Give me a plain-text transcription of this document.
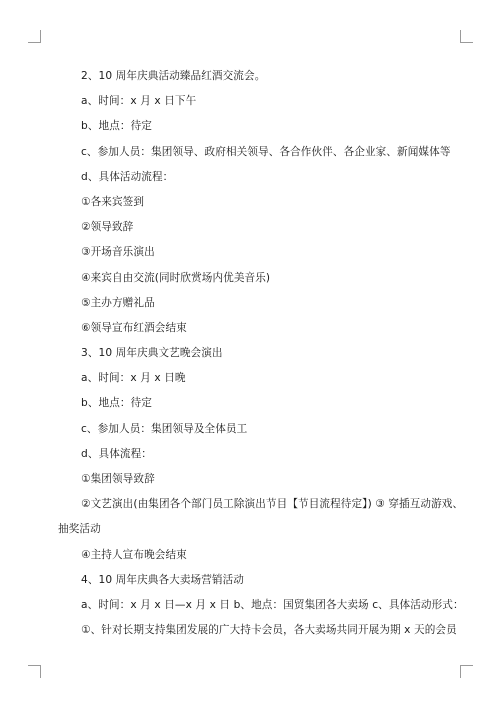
2、10 周年庆典活动臻品红酒交流会。
a、时间：x 月 x 日下午
b、地点：待定
c、参加人员：集团领导、政府相关领导、各合作伙伴、各企业家、新闻媒体等
d、具体活动流程：
①各来宾签到
②领导致辞
③开场音乐演出
④来宾自由交流(同时欣赏场内优美音乐)
⑤主办方赠礼品
⑥领导宣布红酒会结束
3、10 周年庆典文艺晚会演出
a、时间：x 月 x 日晚
b、地点：待定
c、参加人员：集团领导及全体员工
d、具体流程：
①集团领导致辞
②文艺演出(由集团各个部门员工除演出节目【节目流程待定】) ③ 穿插互动游戏、
抽奖活动
④主持人宣布晚会结束
4、10 周年庆典各大卖场营销活动
a、时间：x 月 x 日—x 月 x 日 b、地点：国贸集团各大卖场 c、具体活动形式：
①、针对长期支持集团发展的广大持卡会员，各大卖场共同开展为期 x 天的会员
